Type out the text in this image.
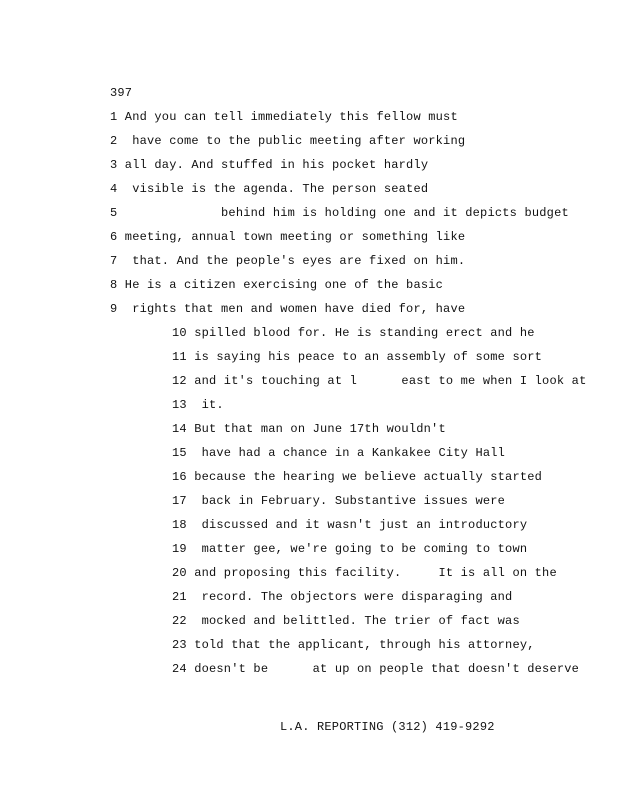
397
1 And you can tell immediately this fellow must
2  have come to the public meeting after working
3 all day. And stuffed in his pocket hardly
4  visible is the agenda. The person seated
5              behind him is holding one and it depicts budget
6 meeting, annual town meeting or something like
7  that. And the people's eyes are fixed on him.
8 He is a citizen exercising one of the basic
9  rights that men and women have died for, have
10 spilled blood for. He is standing erect and he
11 is saying his peace to an assembly of some sort
12 and it's touching at l      east to me when I look at
13  it.
14 But that man on June 17th wouldn't
15  have had a chance in a Kankakee City Hall
16 because the hearing we believe actually started
17  back in February. Substantive issues were
18  discussed and it wasn't just an introductory
19  matter gee, we're going to be coming to town
20 and proposing this facility.     It is all on the
21  record. The objectors were disparaging and
22  mocked and belittled. The trier of fact was
23 told that the applicant, through his attorney,
24 doesn't be      at up on people that doesn't deserve
L.A. REPORTING (312) 419-9292
